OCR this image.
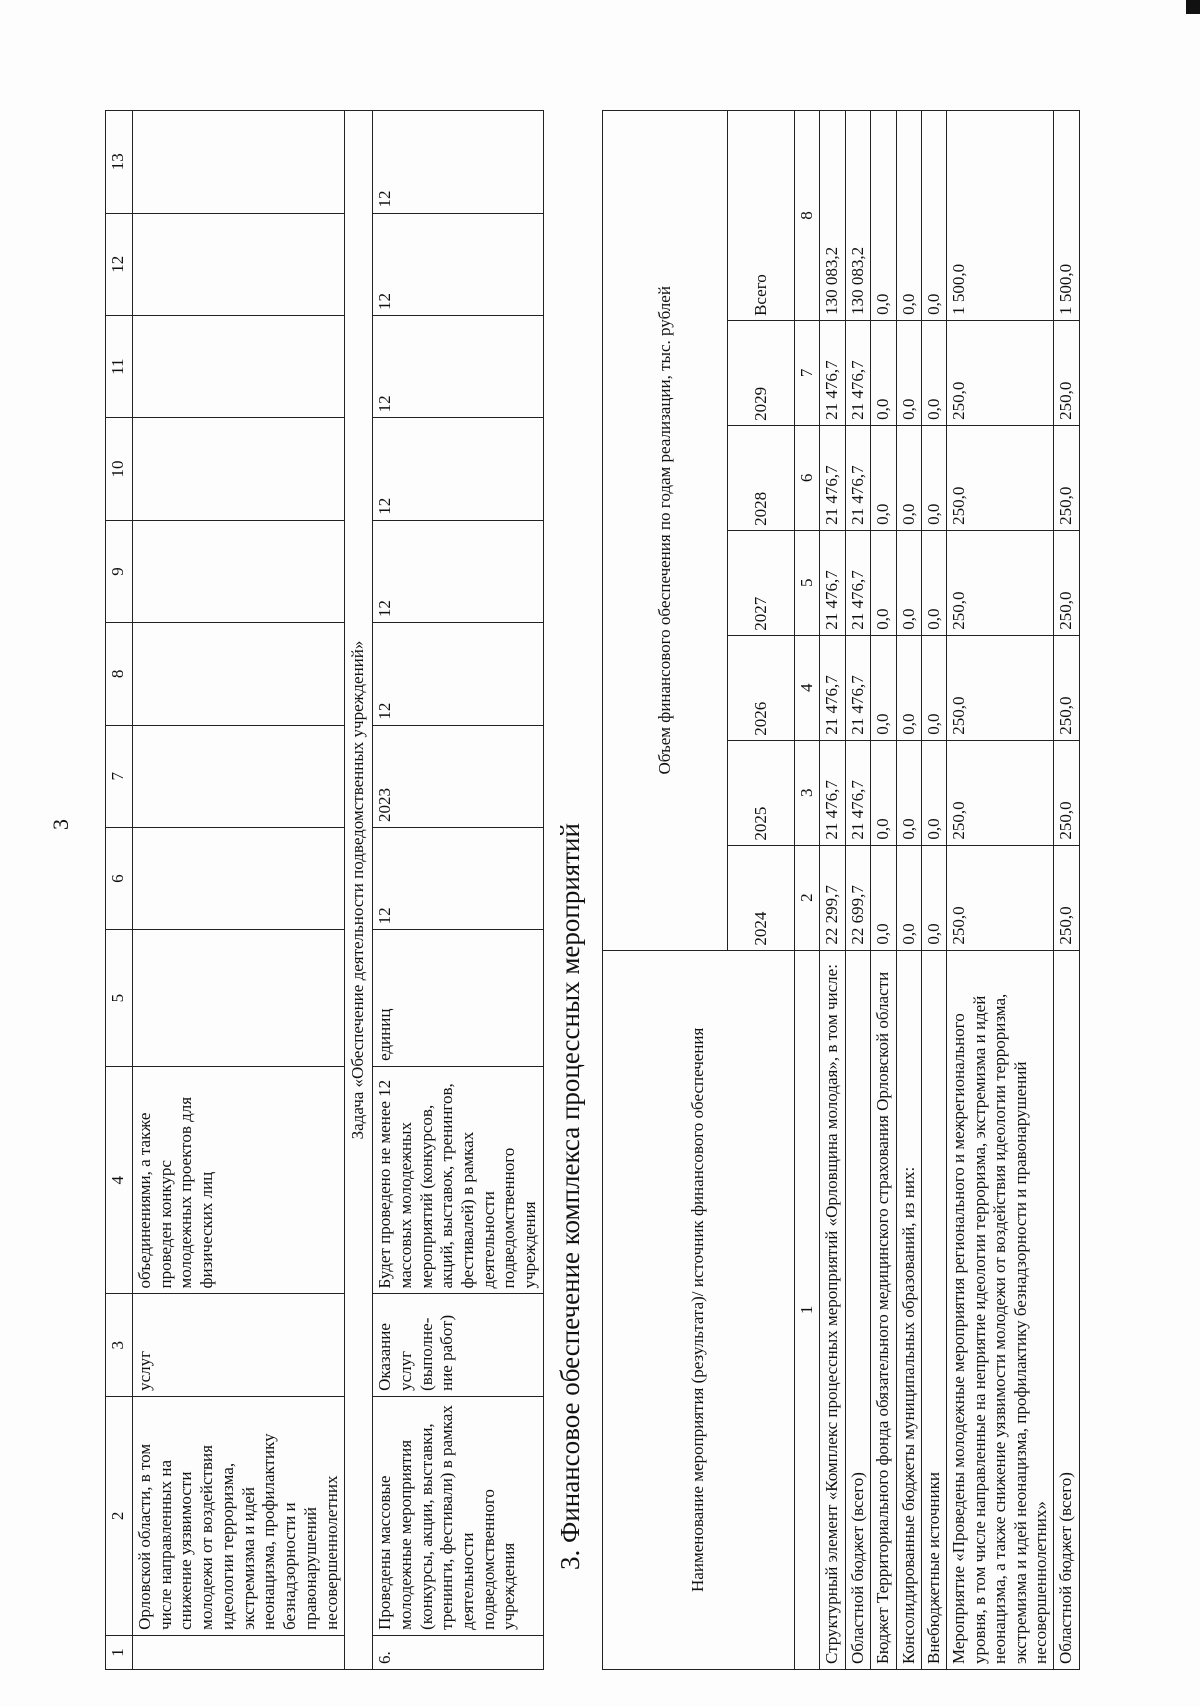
3
1	2	3	4	5	6	7	8	9	10	11	12	13
	Орловской области, в том числе направленных на снижение уязвимости молодежи от воздействия идеологии терроризма, экстремизма и идей неонацизма, профилактику безнадзорности и правонарушений несовершеннолетних	услуг	объединениями, а также проведен конкурс молодежных проектов для физических лиц									
Задача «Обеспечение деятельности подведомственных учреждений»												
6.	Проведены массовые молодежные мероприятия (конкурсы, акции, выставки, тренинги, фестивали) в рамках деятельности подведомственного учреждения	Оказание услуг (выполне-ние работ)	Будет проведено не менее 12 массовых молодежных мероприятий (конкурсов, акций, выставок, тренингов, фестивалей) в рамках деятельности подведомственного учреждения	единиц	12	2023	12	12	12	12	12	12
3. Финансовое обеспечение комплекса процессных мероприятий	Наименование мероприятия (результата)/ источник финансового обеспечения	Объем финансового обеспечения по годам реализации, тыс. рублей						
	2024	2025	2026	2027	2028	2029	Всего
1	2	3	4	5	6	7	8
Структурный элемент «Комплекс процессных мероприятий «Орловщина молодая», в том числе:	22 299,7	21 476,7	21 476,7	21 476,7	21 476,7	21 476,7	130 083,2
Областной бюджет (всего)	22 699,7	21 476,7	21 476,7	21 476,7	21 476,7	21 476,7	130 083,2
Бюджет Территориального фонда обязательного медицинского страхования Орловской области	0,0	0,0	0,0	0,0	0,0	0,0	0,0
Консолидированные бюджеты муниципальных образований, из них:	0,0	0,0	0,0	0,0	0,0	0,0	0,0
Внебюджетные источники	0,0	0,0	0,0	0,0	0,0	0,0	0,0
Мероприятие «Проведены молодежные мероприятия регионального и межрегионального уровня, в том числе направленные на неприятие идеологии терроризма, экстремизма и идей неонацизма, а также снижение уязвимости молодежи от воздействия идеологии терроризма, экстремизма и идей неонацизма, профилактику безнадзорности и правонарушений несовершеннолетних»	250,0	250,0	250,0	250,0	250,0	250,0	1 500,0
Областной бюджет (всего)	250,0	250,0	250,0	250,0	250,0	250,0	1 500,0
